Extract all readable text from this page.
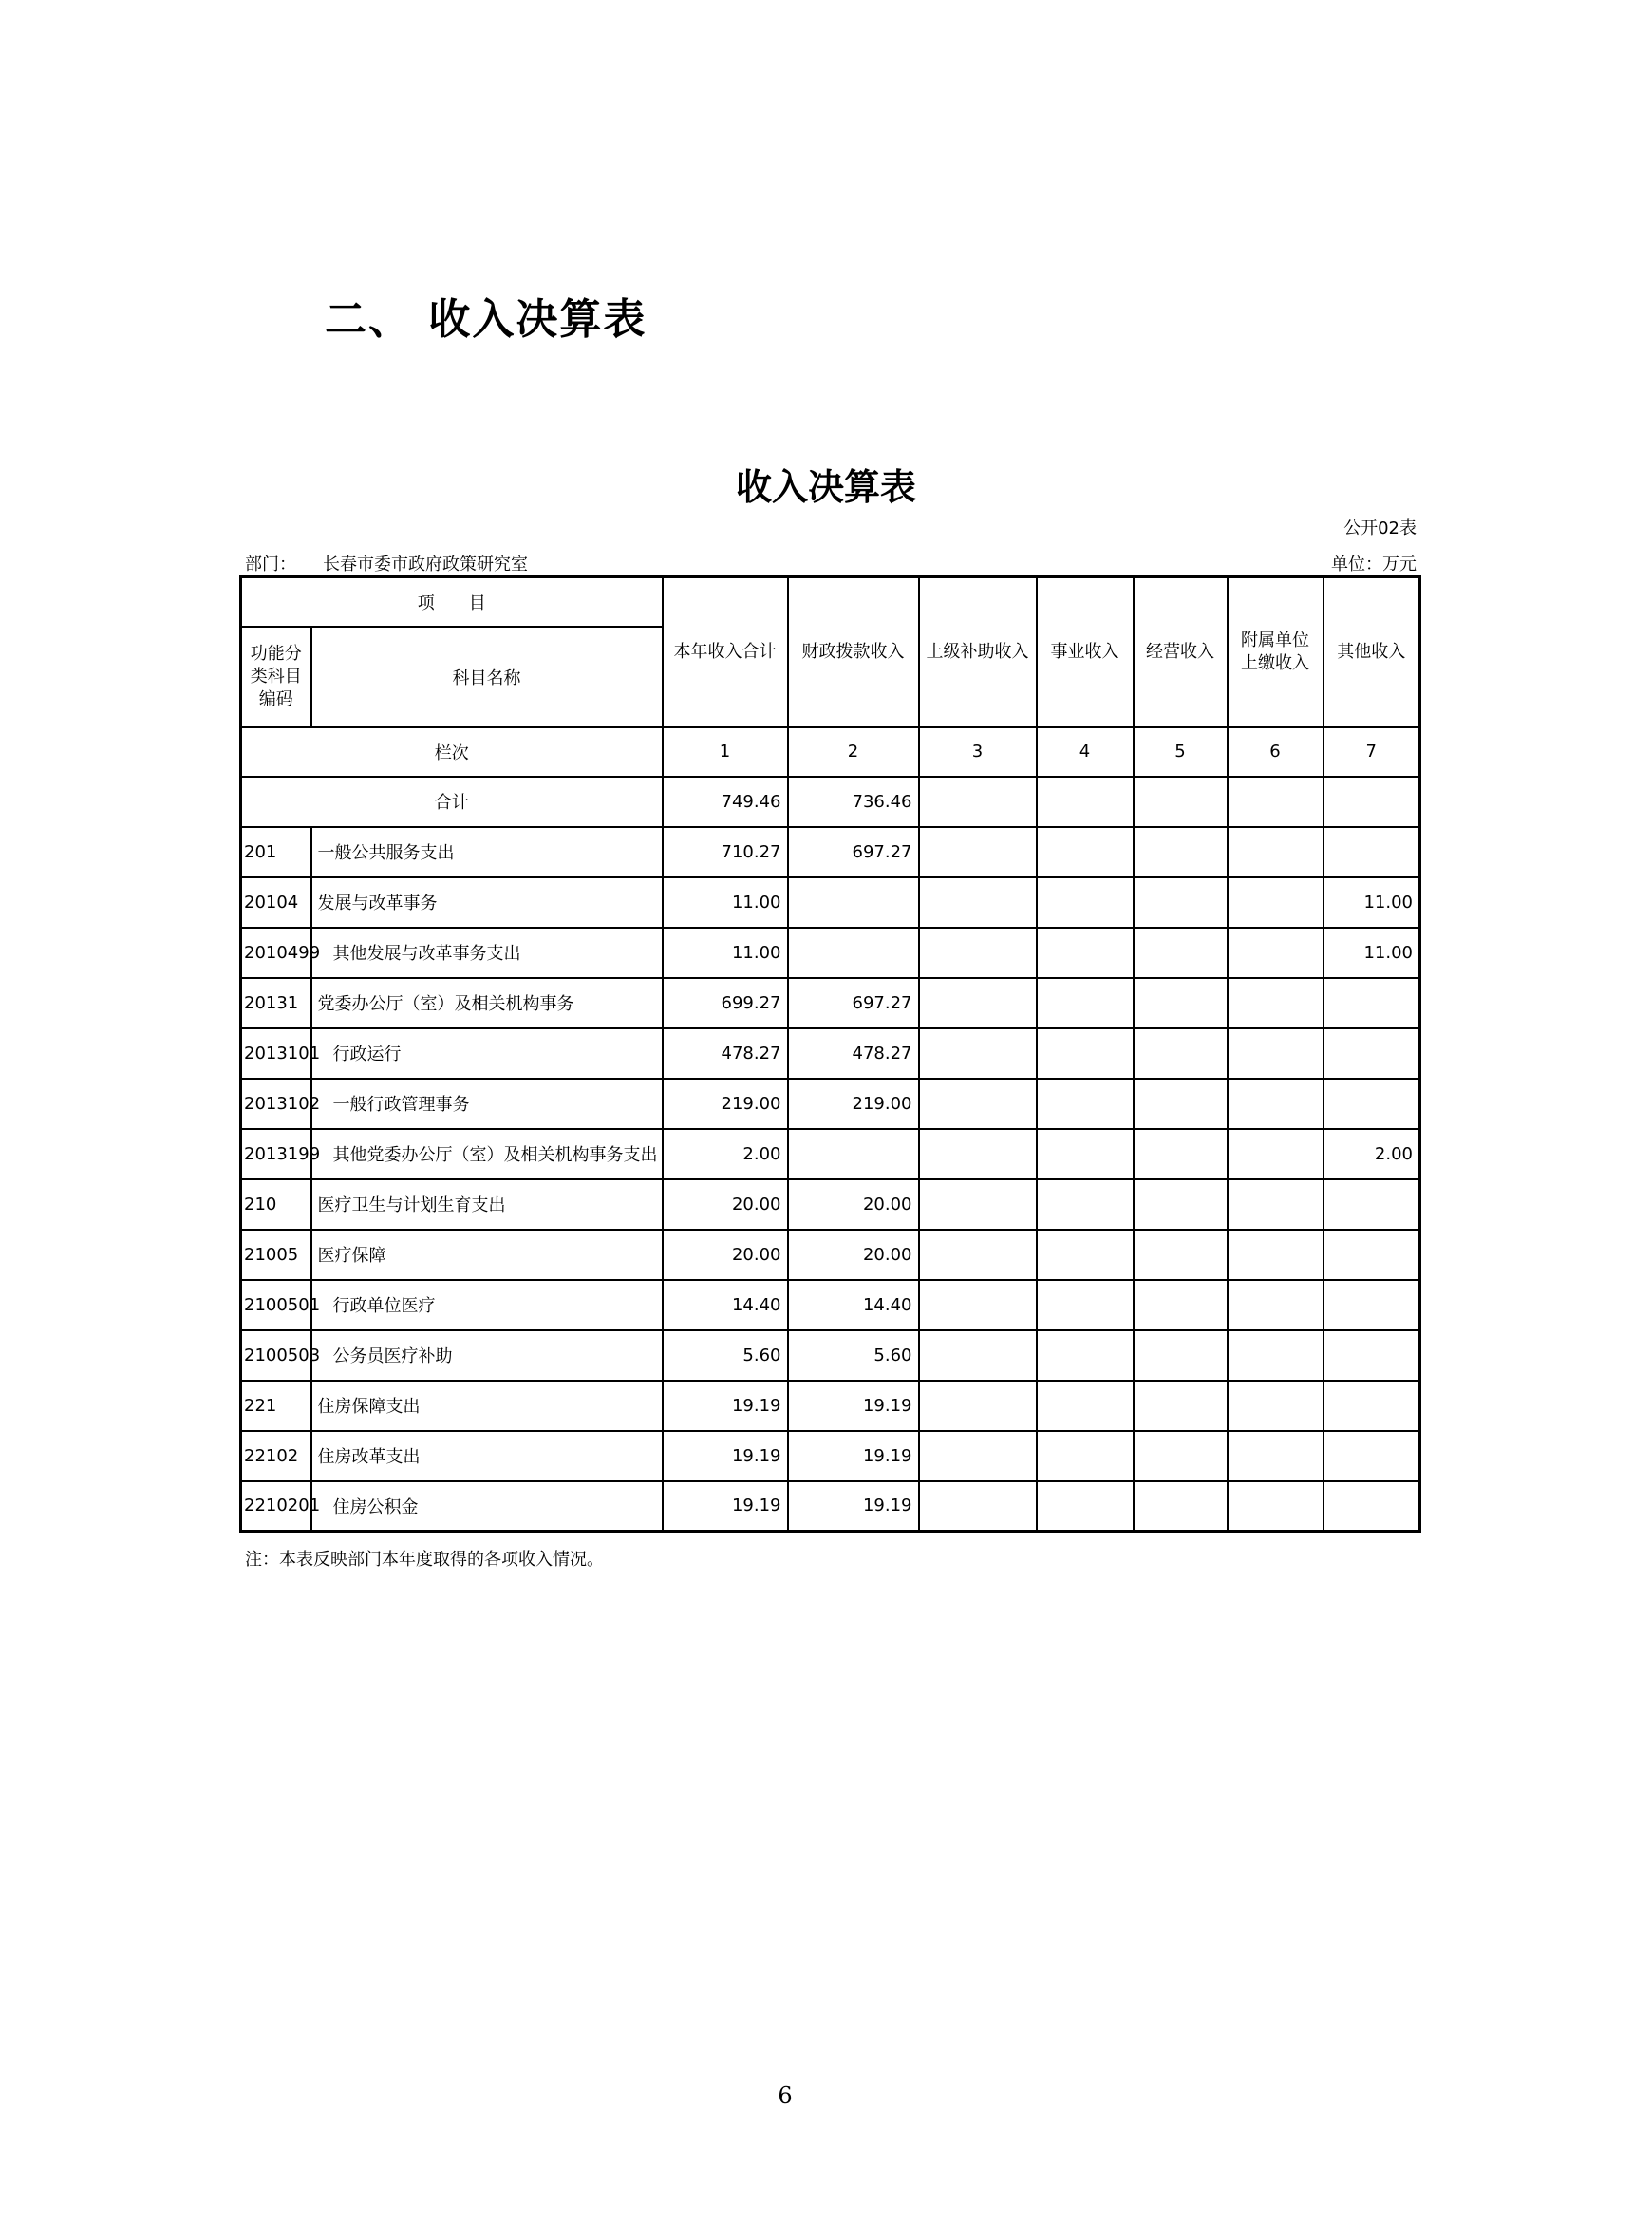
二、 收入决算表
收入决算表
公开02表
部门： 长春市委市政府政策研究室	单位：万元
项　　目		本年收入合计	财政拨款收入	上级补助收入	事业收入	经营收入	附属单位上缴收入	其他收入
功能分类科目编码	科目名称							
栏次		1	2	3	4	5	6	7
合计		749.46	736.46					
201	一般公共服务支出	710.27	697.27					
20104	发展与改革事务	11.00						11.00
2010499	其他发展与改革事务支出	11.00						11.00
20131	党委办公厅（室）及相关机构事务	699.27	697.27					
2013101	行政运行	478.27	478.27					
2013102	一般行政管理事务	219.00	219.00					
2013199	其他党委办公厅（室）及相关机构事务支出	2.00						2.00
210	医疗卫生与计划生育支出	20.00	20.00					
21005	医疗保障	20.00	20.00					
2100501	行政单位医疗	14.40	14.40					
2100503	公务员医疗补助	5.60	5.60					
221	住房保障支出	19.19	19.19					
22102	住房改革支出	19.19	19.19					
2210201	住房公积金	19.19	19.19					
注：本表反映部门本年度取得的各项收入情况。
6
